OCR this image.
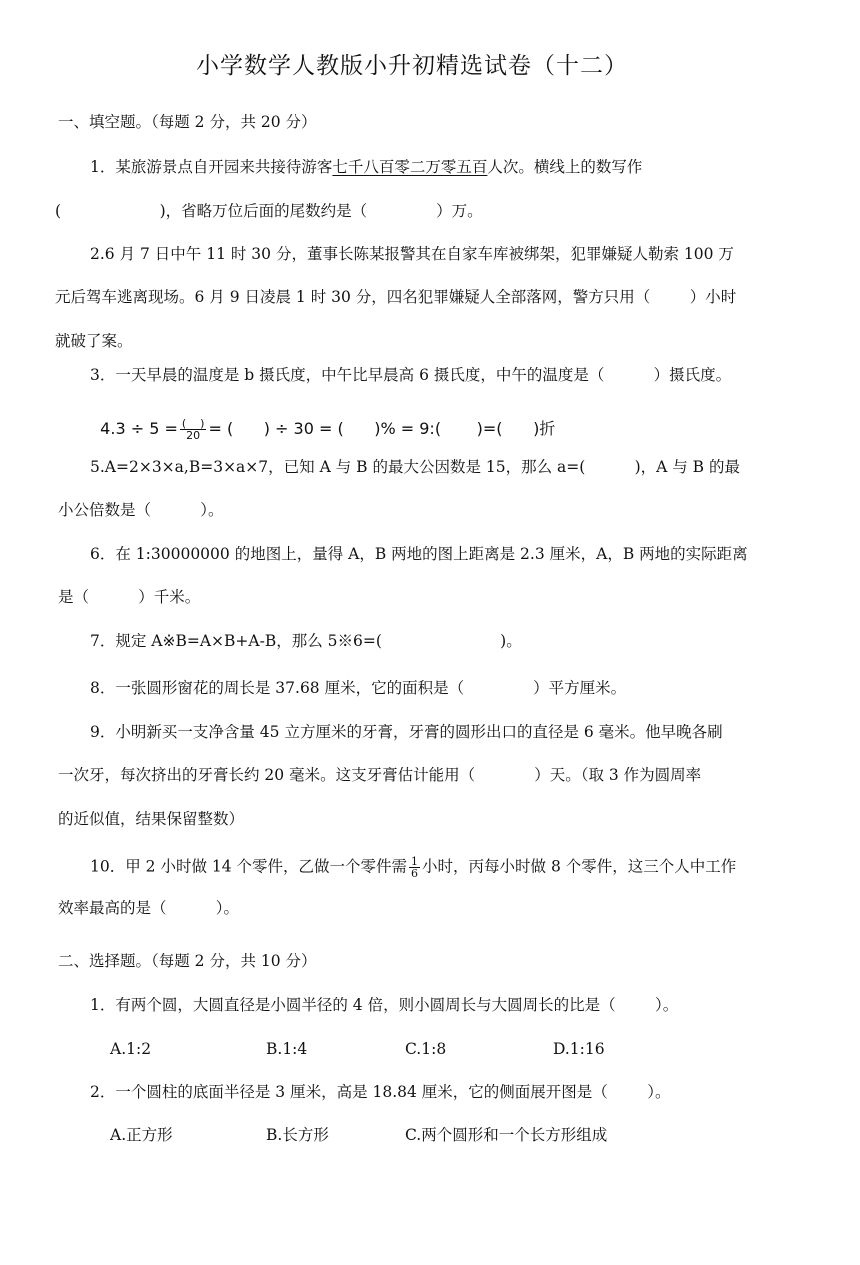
小学数学人教版小升初精选试卷（十二）
一、填空题。（每题 2 分，共 20 分）
1．某旅游景点自开园来共接待游客七千八百零二万零五百人次。横线上的数写作
(                    )，省略万位后面的尾数约是（              ）万。
2.6 月 7 日中午 11 时 30 分，董事长陈某报警其在自家车库被绑架，犯罪嫌疑人勒索 100 万
元后驾车逃离现场。6 月 9 日凌晨 1 时 30 分，四名犯罪嫌疑人全部落网，警方只用（        ）小时
就破了案。
3．一天早晨的温度是 b 摄氏度，中午比早晨高 6 摄氏度，中午的温度是（          ）摄氏度。

$4.3 \div 5 = \frac{( )}{20}$ = (      ) ÷ 30 = (      )% = 9:(       )=(      )折

5.A=2×3×a,B=3×a×7，已知 A 与 B 的最大公因数是 15，那么 a=(          )，A 与 B 的最
小公倍数是（          ）。
6．在 1:30000000 的地图上，量得 A，B 两地的图上距离是 2.3 厘米，A，B 两地的实际距离
是（          ）千米。
7．规定 A※B=A×B+A-B，那么 5※6=(                        )。
8．一张圆形窗花的周长是 37.68 厘米，它的面积是（              ）平方厘米。
9．小明新买一支净含量 45 立方厘米的牙膏，牙膏的圆形出口的直径是 6 毫米。他早晚各刷
一次牙，每次挤出的牙膏长约 20 毫米。这支牙膏估计能用（            ）天。（取 3 作为圆周率
的近似值，结果保留整数）
10．甲 2 小时做 14 个零件，乙做一个零件需 $\frac{1}{6}$ 小时，丙每小时做 8 个零件，这三个人中工作
效率最高的是（          ）。
二、选择题。（每题 2 分，共 10 分）
1．有两个圆，大圆直径是小圆半径的 4 倍，则小圆周长与大圆周长的比是（        ）。
A.1:2	B.1:4	C.1:8	D.1:16
2．一个圆柱的底面半径是 3 厘米，高是 18.84 厘米，它的侧面展开图是（        ）。
A.正方形	B.长方形	C.两个圆形和一个长方形组成
